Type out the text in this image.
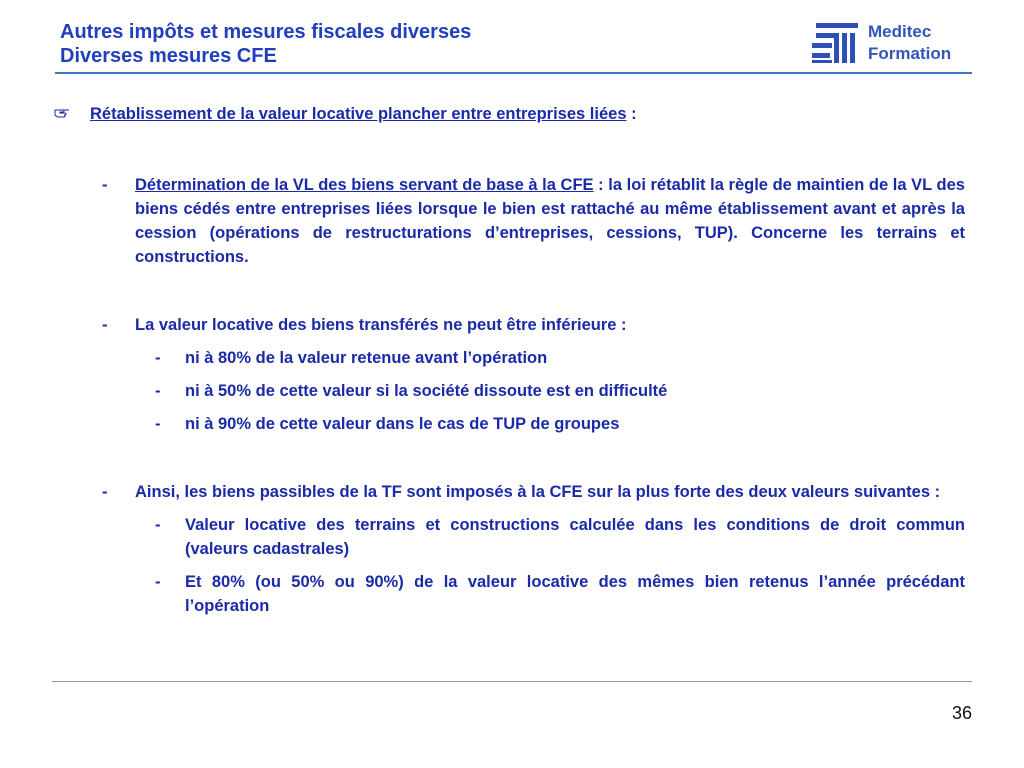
Autres impôts et mesures fiscales diverses
Diverses mesures CFE
Meditec
Formation
Rétablissement de la valeur locative plancher entre entreprises liées :
- Détermination de la VL des biens servant de base à la CFE : la loi rétablit la règle de maintien de la VL des biens cédés entre entreprises liées lorsque le bien est rattaché au même établissement avant et après la cession (opérations de restructurations d’entreprises, cessions, TUP). Concerne les terrains et constructions.
- La valeur locative des biens transférés ne peut être inférieure :
- ni à 80% de la valeur retenue avant l’opération
- ni à 50% de cette valeur si la société dissoute est en difficulté
- ni à 90% de cette valeur dans le cas de TUP de groupes
- Ainsi, les biens passibles de la TF sont imposés à la CFE sur la plus forte des deux valeurs suivantes :
- Valeur locative des terrains et constructions calculée dans les conditions de droit commun (valeurs cadastrales)
- Et 80% (ou 50% ou 90%) de la valeur locative des mêmes bien retenus l’année précédant l’opération
36
